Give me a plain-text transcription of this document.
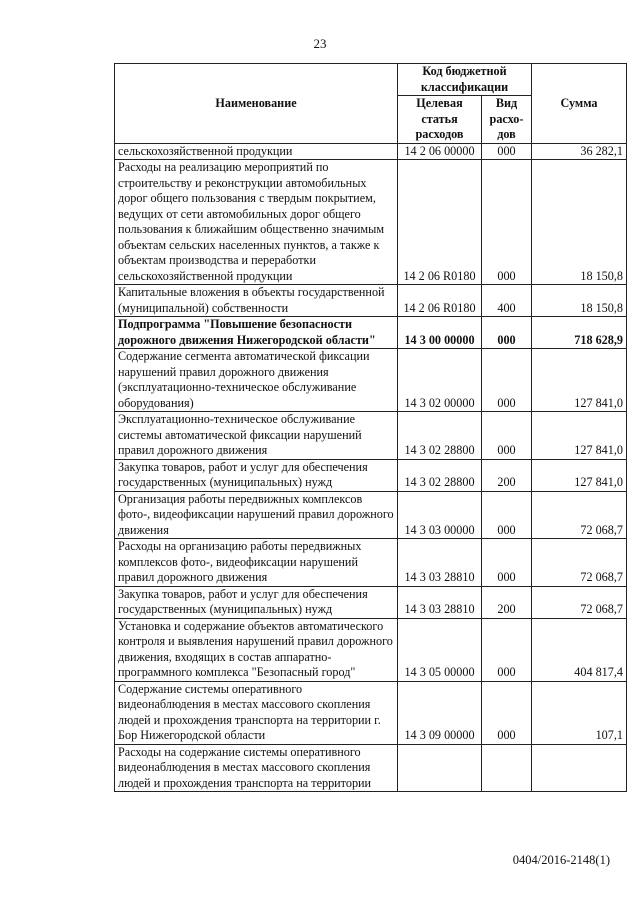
23
Наименование	Код бюджетной классификации		Сумма
	Целевая статья расходов	Вид расхо-дов	
сельскохозяйственной продукции	14 2 06 00000	000	36 282,1
Расходы на реализацию мероприятий по строительству и реконструкции автомобильных дорог общего пользования с твердым покрытием, ведущих от сети автомобильных дорог общего пользования к ближайшим общественно значимым объектам сельских населенных пунктов, а также к объектам производства и переработки сельскохозяйственной продукции	14 2 06 R0180	000	18 150,8
Капитальные вложения в объекты государственной (муниципальной) собственности	14 2 06 R0180	400	18 150,8
Подпрограмма "Повышение безопасности дорожного движения Нижегородской области"	14 3 00 00000	000	718 628,9
Содержание сегмента автоматической фиксации нарушений правил дорожного движения (эксплуатационно-техническое обслуживание оборудования)	14 3 02 00000	000	127 841,0
Эксплуатационно-техническое обслуживание системы автоматической фиксации нарушений правил дорожного движения	14 3 02 28800	000	127 841,0
Закупка товаров, работ и услуг для обеспечения государственных (муниципальных) нужд	14 3 02 28800	200	127 841,0
Организация работы передвижных комплексов фото-, видеофиксации нарушений правил дорожного движения	14 3 03 00000	000	72 068,7
Расходы на организацию работы передвижных комплексов фото-, видеофиксации нарушений правил дорожного движения	14 3 03 28810	000	72 068,7
Закупка товаров, работ и услуг для обеспечения государственных (муниципальных) нужд	14 3 03 28810	200	72 068,7
Установка и содержание объектов автоматического контроля и выявления нарушений правил дорожного движения, входящих в состав аппаратно-программного комплекса "Безопасный город"	14 3 05 00000	000	404 817,4
Содержание системы оперативного видеонаблюдения в местах массового скопления людей и прохождения транспорта на территории г. Бор Нижегородской области	14 3 09 00000	000	107,1
Расходы на содержание системы оперативного видеонаблюдения в местах массового скопления людей и прохождения транспорта на территории			
0404/2016-2148(1)
